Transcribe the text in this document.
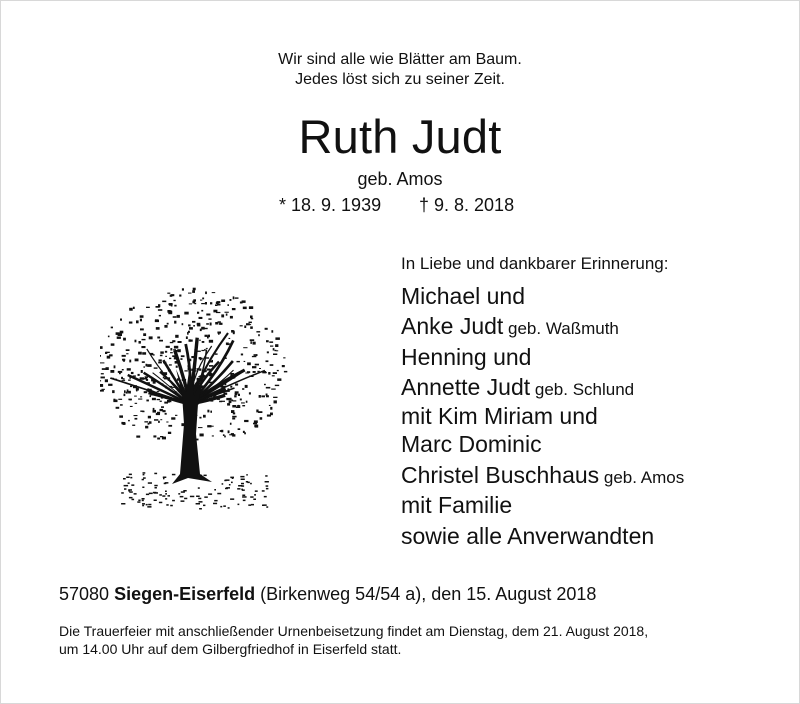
Wir sind alle wie Blätter am Baum.
Jedes löst sich zu seiner Zeit.
Ruth Judt
geb. Amos
* 18. 9. 1939 † 9. 8. 2018
In Liebe und dankbarer Erinnerung:
Michael und
Anke Judt geb. Waßmuth
Henning und
Annette Judt geb. Schlund
mit Kim Miriam und
Marc Dominic
Christel Buschhaus geb. Amos
mit Familie
sowie alle Anverwandten
57080 Siegen-Eiserfeld (Birkenweg 54/54 a), den 15. August 2018
Die Trauerfeier mit anschließender Urnenbeisetzung findet am Dienstag, dem 21. August 2018,
um 14.00 Uhr auf dem Gilbergfriedhof in Eiserfeld statt.
